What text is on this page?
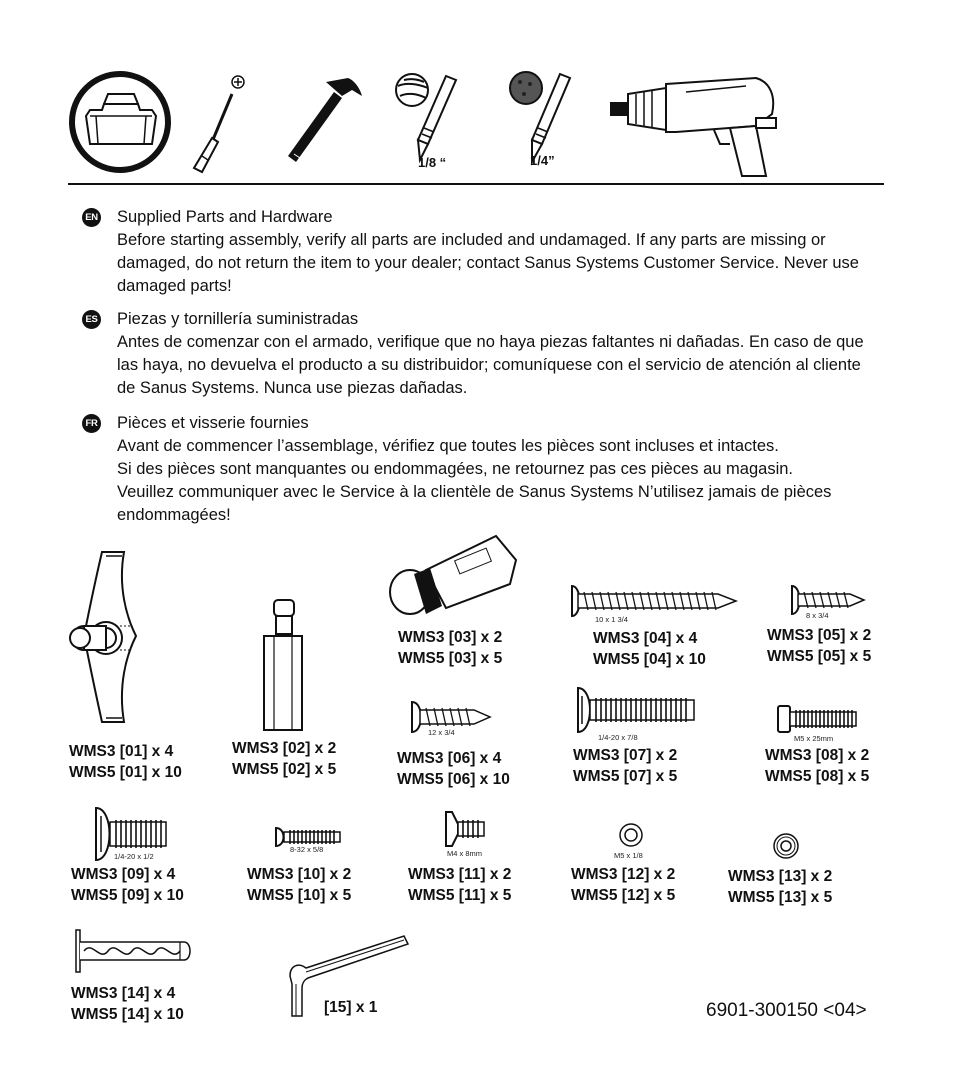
1/8 “	1/4”
EN Supplied Parts and Hardware
Before starting assembly, verify all parts are included and undamaged. If any parts are missing or damaged, do not return the item to your dealer; contact Sanus Systems Customer Service. Never use damaged parts!
ES Piezas y tornillería suministradas
Antes de comenzar con el armado, verifique que no haya piezas faltantes ni dañadas. En caso de que las haya, no devuelva el producto a su distribuidor; comuníquese con el servicio de atención al cliente de Sanus Systems. Nunca use piezas dañadas.
FR Pièces et visserie fournies
Avant de commencer l’assemblage, vérifiez que toutes les pièces sont incluses et intactes.
Si des pièces sont manquantes ou endommagées, ne retournez pas ces pièces au magasin.
Veuillez communiquer avec le Service à la clientèle de Sanus Systems N’utilisez jamais de pièces endommagées!
WMS3 [01] x 4
WMS5 [01] x 10
WMS3 [02] x 2
WMS5 [02] x 5
WMS3 [03] x 2
WMS5 [03] x 5
10 x 1 3/4
WMS3 [04] x 4
WMS5 [04] x 10
8 x 3/4
WMS3 [05] x 2
WMS5 [05] x 5
12 x 3/4
WMS3 [06] x 4
WMS5 [06] x 10
1/4-20 x 7/8
WMS3 [07] x 2
WMS5 [07] x 5
M5 x 25mm
WMS3 [08] x 2
WMS5 [08] x 5
1/4-20 x 1/2
WMS3 [09] x 4
WMS5 [09] x 10
8-32 x 5/8
WMS3 [10] x 2
WMS5 [10] x 5
M4 x 8mm
WMS3 [11] x 2
WMS5 [11] x 5
M5 x 1/8
WMS3 [12] x 2
WMS5 [12] x 5
WMS3 [13] x 2
WMS5 [13] x 5
WMS3 [14] x 4
WMS5 [14] x 10	[15] x 1	6901-300150 <04>
